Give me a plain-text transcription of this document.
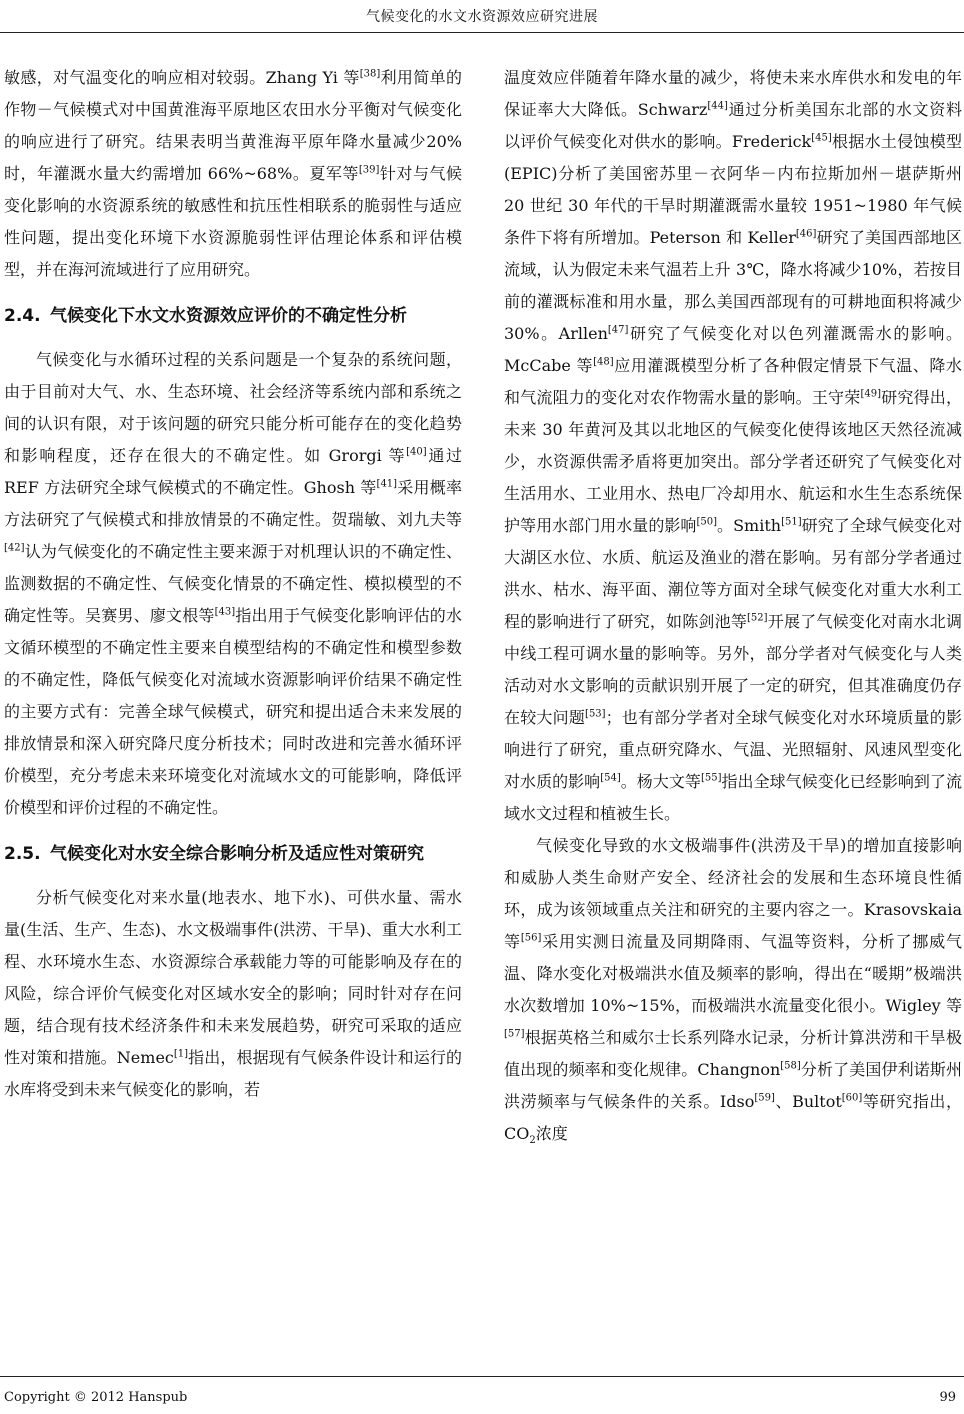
气候变化的水文水资源效应研究进展

敏感，对气温变化的响应相对较弱。Zhang Yi 等[38]利用简单的作物－气候模式对中国黄淮海平原地区农田水分平衡对气候变化的响应进行了研究。结果表明当黄淮海平原年降水量减少20%时，年灌溉水量大约需增加 66%~68%。夏军等[39]针对与气候变化影响的水资源系统的敏感性和抗压性相联系的脆弱性与适应性问题，提出变化环境下水资源脆弱性评估理论体系和评估模型，并在海河流域进行了应用研究。

2.4. 气候变化下水文水资源效应评价的不确定性分析

气候变化与水循环过程的关系问题是一个复杂的系统问题，由于目前对大气、水、生态环境、社会经济等系统内部和系统之间的认识有限，对于该问题的研究只能分析可能存在的变化趋势和影响程度，还存在很大的不确定性。如 Grorgi 等[40]通过 REF 方法研究全球气候模式的不确定性。Ghosh 等[41]采用概率方法研究了气候模式和排放情景的不确定性。贺瑞敏、刘九夫等[42]认为气候变化的不确定性主要来源于对机理认识的不确定性、监测数据的不确定性、气候变化情景的不确定性、模拟模型的不确定性等。吴赛男、廖文根等[43]指出用于气候变化影响评估的水文循环模型的不确定性主要来自模型结构的不确定性和模型参数的不确定性，降低气候变化对流域水资源影响评价结果不确定性的主要方式有：完善全球气候模式，研究和提出适合未来发展的排放情景和深入研究降尺度分析技术；同时改进和完善水循环评价模型，充分考虑未来环境变化对流域水文的可能影响，降低评价模型和评价过程的不确定性。

2.5. 气候变化对水安全综合影响分析及适应性对策研究

分析气候变化对来水量(地表水、地下水)、可供水量、需水量(生活、生产、生态)、水文极端事件(洪涝、干旱)、重大水利工程、水环境水生态、水资源综合承载能力等的可能影响及存在的风险，综合评价气候变化对区域水安全的影响；同时针对存在问题，结合现有技术经济条件和未来发展趋势，研究可采取的适应性对策和措施。Nemec[1]指出，根据现有气候条件设计和运行的水库将受到未来气候变化的影响，若

温度效应伴随着年降水量的减少，将使未来水库供水和发电的年保证率大大降低。Schwarz[44]通过分析美国东北部的水文资料以评价气候变化对供水的影响。Frederick[45]根据水土侵蚀模型(EPIC)分析了美国密苏里－衣阿华－内布拉斯加州－堪萨斯州 20 世纪 30 年代的干旱时期灌溉需水量较 1951~1980 年气候条件下将有所增加。Peterson 和 Keller[46]研究了美国西部地区流域，认为假定未来气温若上升 3℃，降水将减少10%，若按目前的灌溉标准和用水量，那么美国西部现有的可耕地面积将减少 30%。Arllen[47]研究了气候变化对以色列灌溉需水的影响。McCabe 等[48]应用灌溉模型分析了各种假定情景下气温、降水和气流阻力的变化对农作物需水量的影响。王守荣[49]研究得出，未来 30 年黄河及其以北地区的气候变化使得该地区天然径流减少，水资源供需矛盾将更加突出。部分学者还研究了气候变化对生活用水、工业用水、热电厂冷却用水、航运和水生生态系统保护等用水部门用水量的影响[50]。Smith[51]研究了全球气候变化对大湖区水位、水质、航运及渔业的潜在影响。另有部分学者通过洪水、枯水、海平面、潮位等方面对全球气候变化对重大水利工程的影响进行了研究，如陈剑池等[52]开展了气候变化对南水北调中线工程可调水量的影响等。另外，部分学者对气候变化与人类活动对水文影响的贡献识别开展了一定的研究，但其准确度仍存在较大问题[53]；也有部分学者对全球气候变化对水环境质量的影响进行了研究，重点研究降水、气温、光照辐射、风速风型变化对水质的影响[54]。杨大文等[55]指出全球气候变化已经影响到了流域水文过程和植被生长。

气候变化导致的水文极端事件(洪涝及干旱)的增加直接影响和威胁人类生命财产安全、经济社会的发展和生态环境良性循环，成为该领域重点关注和研究的主要内容之一。Krasovskaia 等[56]采用实测日流量及同期降雨、气温等资料，分析了挪威气温、降水变化对极端洪水值及频率的影响，得出在“暖期”极端洪水次数增加 10%~15%，而极端洪水流量变化很小。Wigley 等[57]根据英格兰和威尔士长系列降水记录，分析计算洪涝和干旱极值出现的频率和变化规律。Changnon[58]分析了美国伊利诺斯州洪涝频率与气候条件的关系。Idso[59]、Bultot[60]等研究指出，$CO_2$浓度

Copyright © 2012 Hanspub	99
